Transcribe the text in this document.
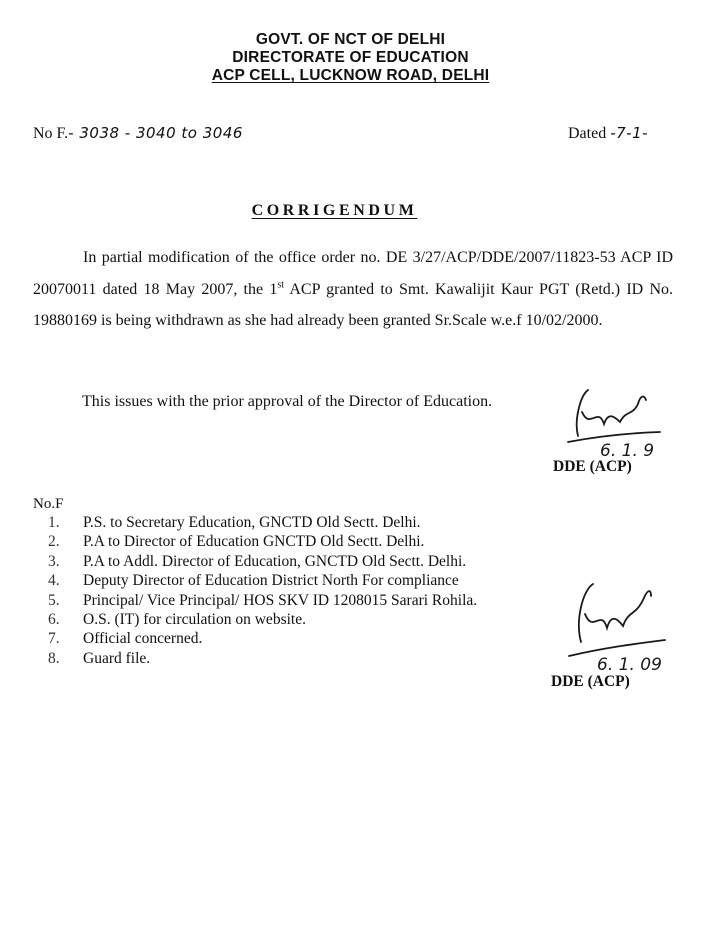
GOVT. OF NCT OF DELHI
DIRECTORATE OF EDUCATION
ACP CELL, LUCKNOW ROAD, DELHI
No F.- 3038 - 3040 to 3046	Dated -7-1-
CORRIGENDUM
In partial modification of the office order no. DE 3/27/ACP/DDE/2007/11823-53 ACP ID 20070011 dated 18 May 2007, the 1st ACP granted to Smt. Kawalijit Kaur PGT (Retd.) ID No. 19880169 is being withdrawn as she had already been granted Sr.Scale w.e.f 10/02/2000.
This issues with the prior approval of the Director of Education.
6. 1. 9
DDE (ACP)
No.F
1. P.S. to Secretary Education, GNCTD Old Sectt. Delhi.
2. P.A to Director of Education GNCTD Old Sectt. Delhi.
3. P.A to Addl. Director of Education, GNCTD Old Sectt. Delhi.
4. Deputy Director of Education District North For compliance
5. Principal/ Vice Principal/ HOS SKV ID 1208015 Sarari Rohila.
6. O.S. (IT) for circulation on website.
7. Official concerned.
8. Guard file.	6. 1. 09
DDE (ACP)
